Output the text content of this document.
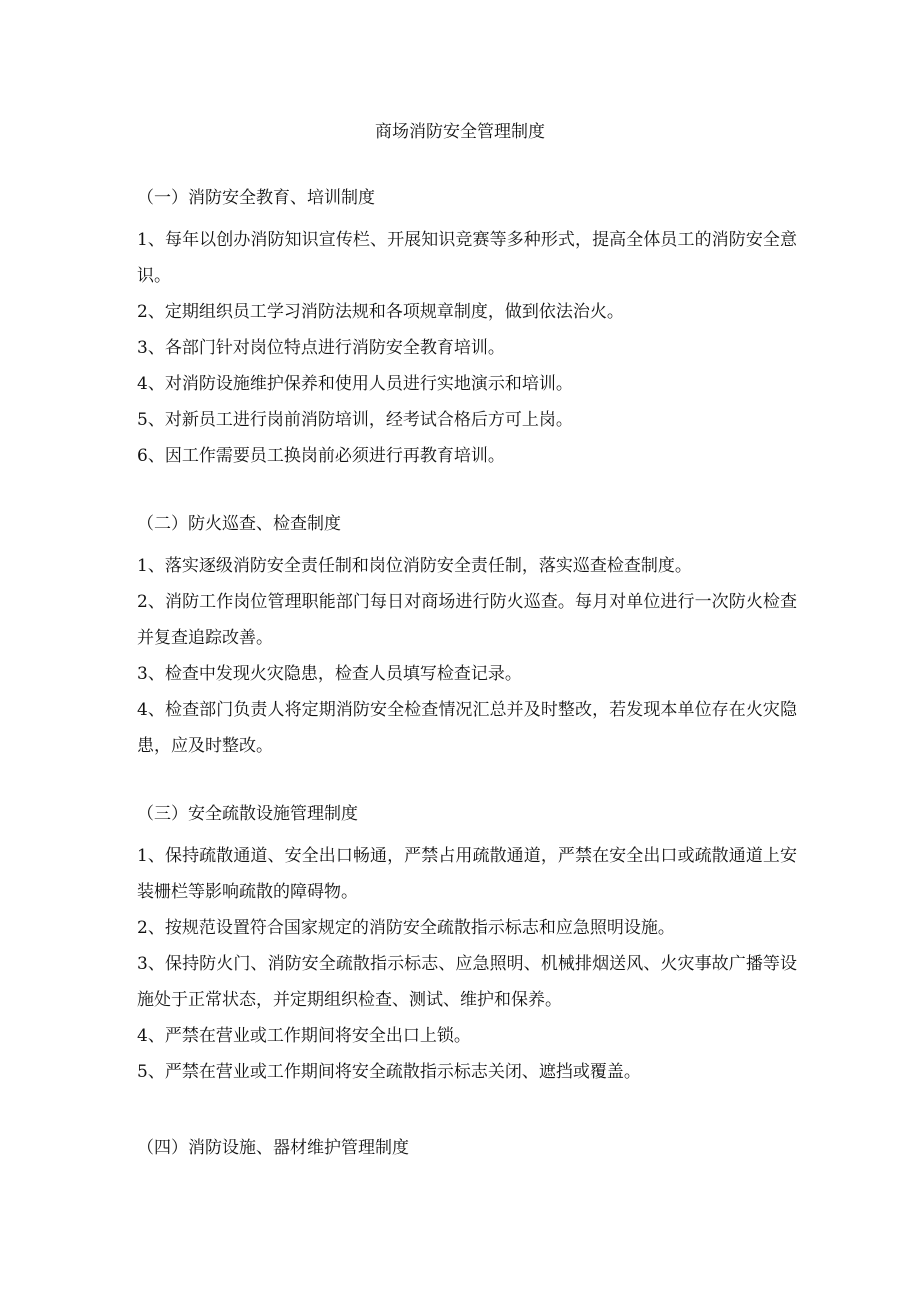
商场消防安全管理制度

（一）消防安全教育、培训制度

1、每年以创办消防知识宣传栏、开展知识竞赛等多种形式，提高全体员工的消防安全意识。

2、定期组织员工学习消防法规和各项规章制度，做到依法治火。

3、各部门针对岗位特点进行消防安全教育培训。

4、对消防设施维护保养和使用人员进行实地演示和培训。

5、对新员工进行岗前消防培训，经考试合格后方可上岗。

6、因工作需要员工换岗前必须进行再教育培训。

（二）防火巡查、检查制度

1、落实逐级消防安全责任制和岗位消防安全责任制，落实巡查检查制度。

2、消防工作岗位管理职能部门每日对商场进行防火巡查。每月对单位进行一次防火检查并复查追踪改善。

3、检查中发现火灾隐患，检查人员填写检查记录。

4、检查部门负责人将定期消防安全检查情况汇总并及时整改，若发现本单位存在火灾隐患，应及时整改。

（三）安全疏散设施管理制度

1、保持疏散通道、安全出口畅通，严禁占用疏散通道，严禁在安全出口或疏散通道上安装栅栏等影响疏散的障碍物。

2、按规范设置符合国家规定的消防安全疏散指示标志和应急照明设施。

3、保持防火门、消防安全疏散指示标志、应急照明、机械排烟送风、火灾事故广播等设施处于正常状态，并定期组织检查、测试、维护和保养。

4、严禁在营业或工作期间将安全出口上锁。

5、严禁在营业或工作期间将安全疏散指示标志关闭、遮挡或覆盖。

（四）消防设施、器材维护管理制度
